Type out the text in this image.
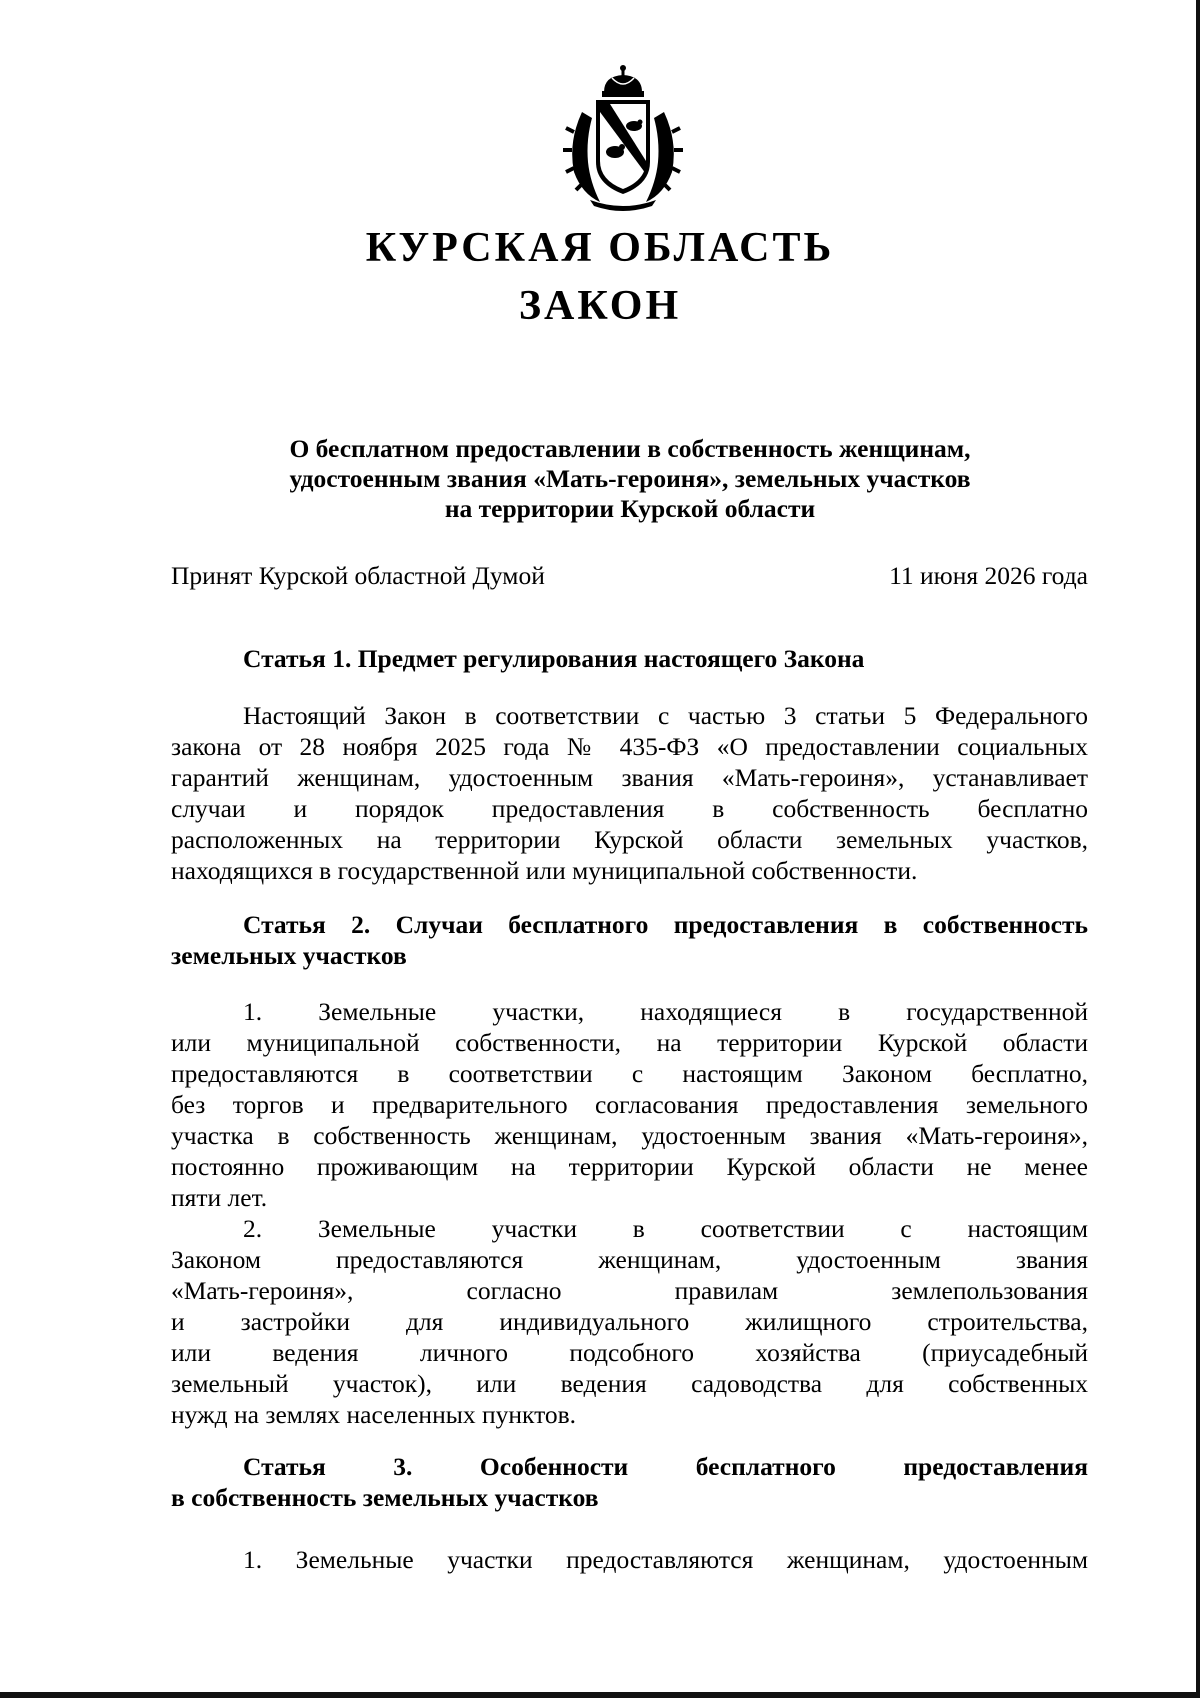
КУРСКАЯ ОБЛАСТЬ
ЗАКОН
О бесплатном предоставлении в собственность женщинам,
удостоенным звания «Мать-героиня», земельных участков
на территории Курской области
Принят Курской областной Думой	11 июня 2026 года
Статья 1. Предмет регулирования настоящего Закона
Настоящий Закон в соответствии с частью 3 статьи 5 Федерального
закона от 28 ноября 2025 года № 435-ФЗ «О предоставлении социальных
гарантий женщинам, удостоенным звания «Мать-героиня», устанавливает
случаи и порядок предоставления в собственность бесплатно
расположенных на территории Курской области земельных участков,
находящихся в государственной или муниципальной собственности.
Статья 2. Случаи бесплатного предоставления в собственность
земельных участков
1. Земельные участки, находящиеся в государственной
или муниципальной собственности, на территории Курской области
предоставляются в соответствии с настоящим Законом бесплатно,
без торгов и предварительного согласования предоставления земельного
участка в собственность женщинам, удостоенным звания «Мать-героиня»,
постоянно проживающим на территории Курской области не менее
пяти лет.
2. Земельные участки в соответствии с настоящим
Законом предоставляются женщинам, удостоенным звания
«Мать-героиня», согласно правилам землепользования
и застройки для индивидуального жилищного строительства,
или ведения личного подсобного хозяйства (приусадебный
земельный участок), или ведения садоводства для собственных
нужд на землях населенных пунктов.
Статья 3. Особенности бесплатного предоставления
в собственность земельных участков
1. Земельные участки предоставляются женщинам, удостоенным
